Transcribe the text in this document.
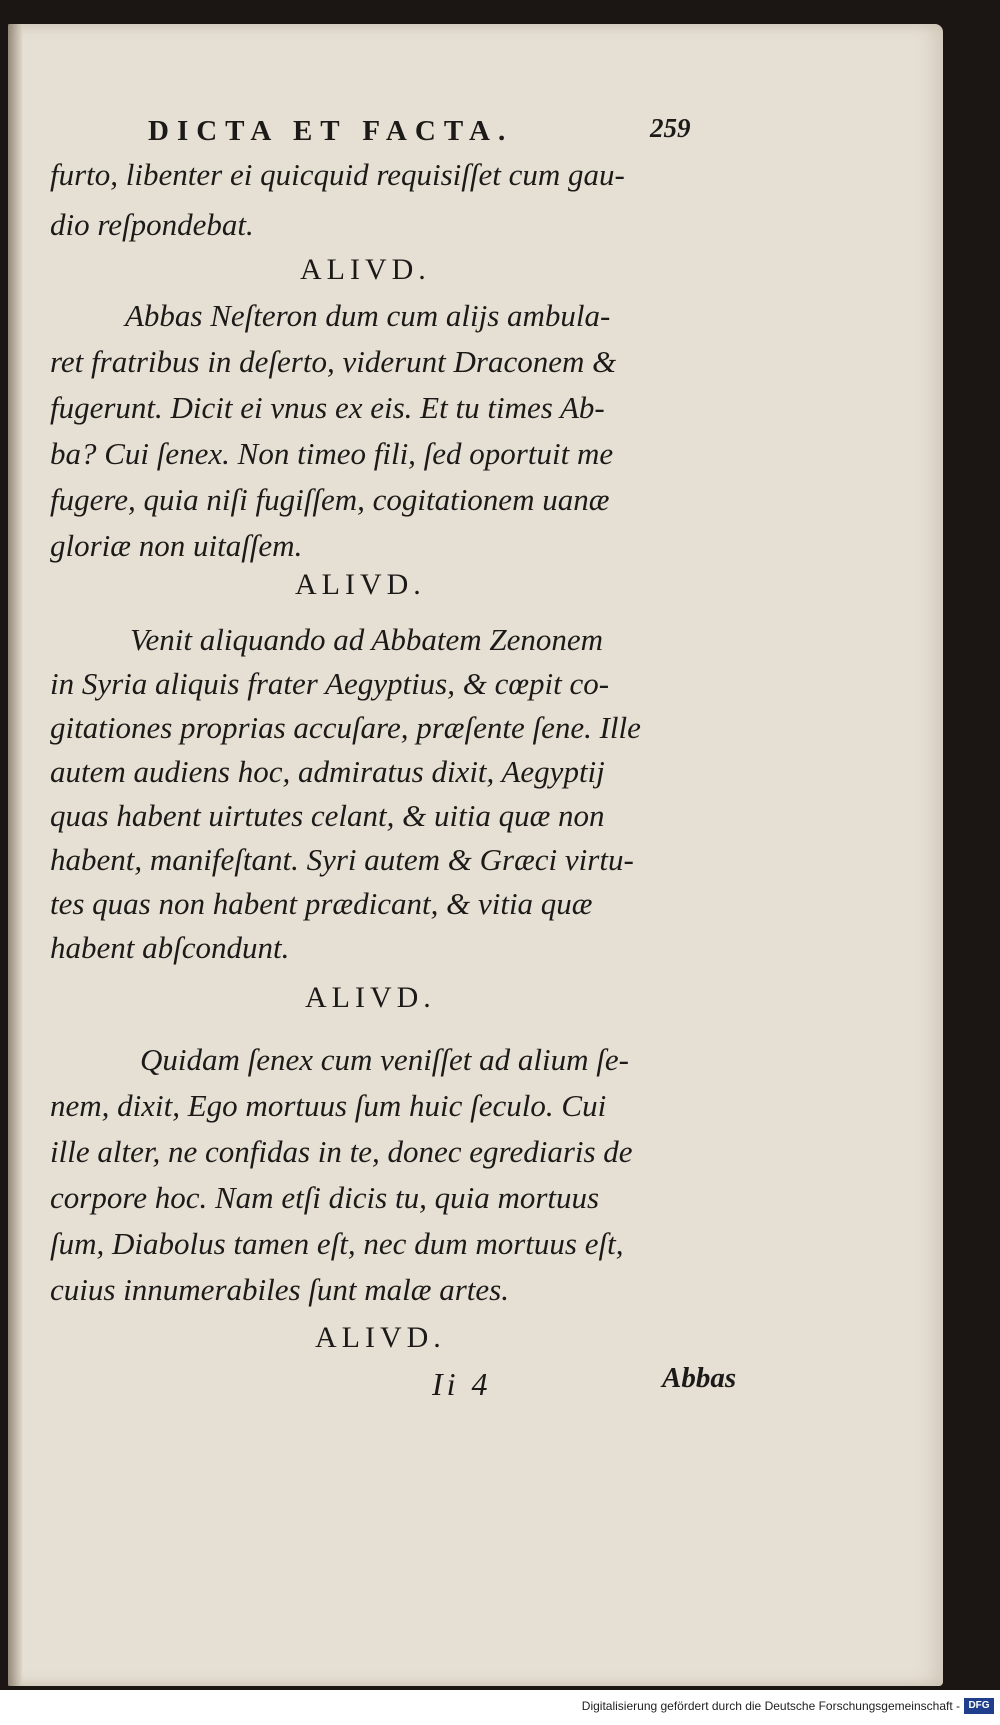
DICTA ET FACTA.	259
furto, libenter ei quicquid requisiſſet cum gau-
dio reſpondebat.
ALIVD.
Abbas Neſteron dum cum alijs ambula-
ret fratribus in deſerto, viderunt Draconem &
fugerunt. Dicit ei vnus ex eis. Et tu times Ab-
ba? Cui ſenex. Non timeo fili, ſed oportuit me
fugere, quia niſi fugiſſem, cogitationem uanæ
gloriæ non uitaſſem.
ALIVD.
Venit aliquando ad Abbatem Zenonem
in Syria aliquis frater Aegyptius, & cœpit co-
gitationes proprias accuſare, præſente ſene. Ille
autem audiens hoc, admiratus dixit, Aegyptij
quas habent uirtutes celant, & uitia quæ non
habent, manifeſtant. Syri autem & Græci virtu-
tes quas non habent prædicant, & vitia quæ
habent abſcondunt.
ALIVD.
Quidam ſenex cum veniſſet ad alium ſe-
nem, dixit, Ego mortuus ſum huic ſeculo. Cui
ille alter, ne confidas in te, donec egrediaris de
corpore hoc. Nam etſi dicis tu, quia mortuus
ſum, Diabolus tamen eſt, nec dum mortuus eſt,
cuius innumerabiles ſunt malæ artes.
ALIVD.
Ii 4	Abbas
Digitalisierung gefördert durch die Deutsche Forschungsgemeinschaft - DFG
